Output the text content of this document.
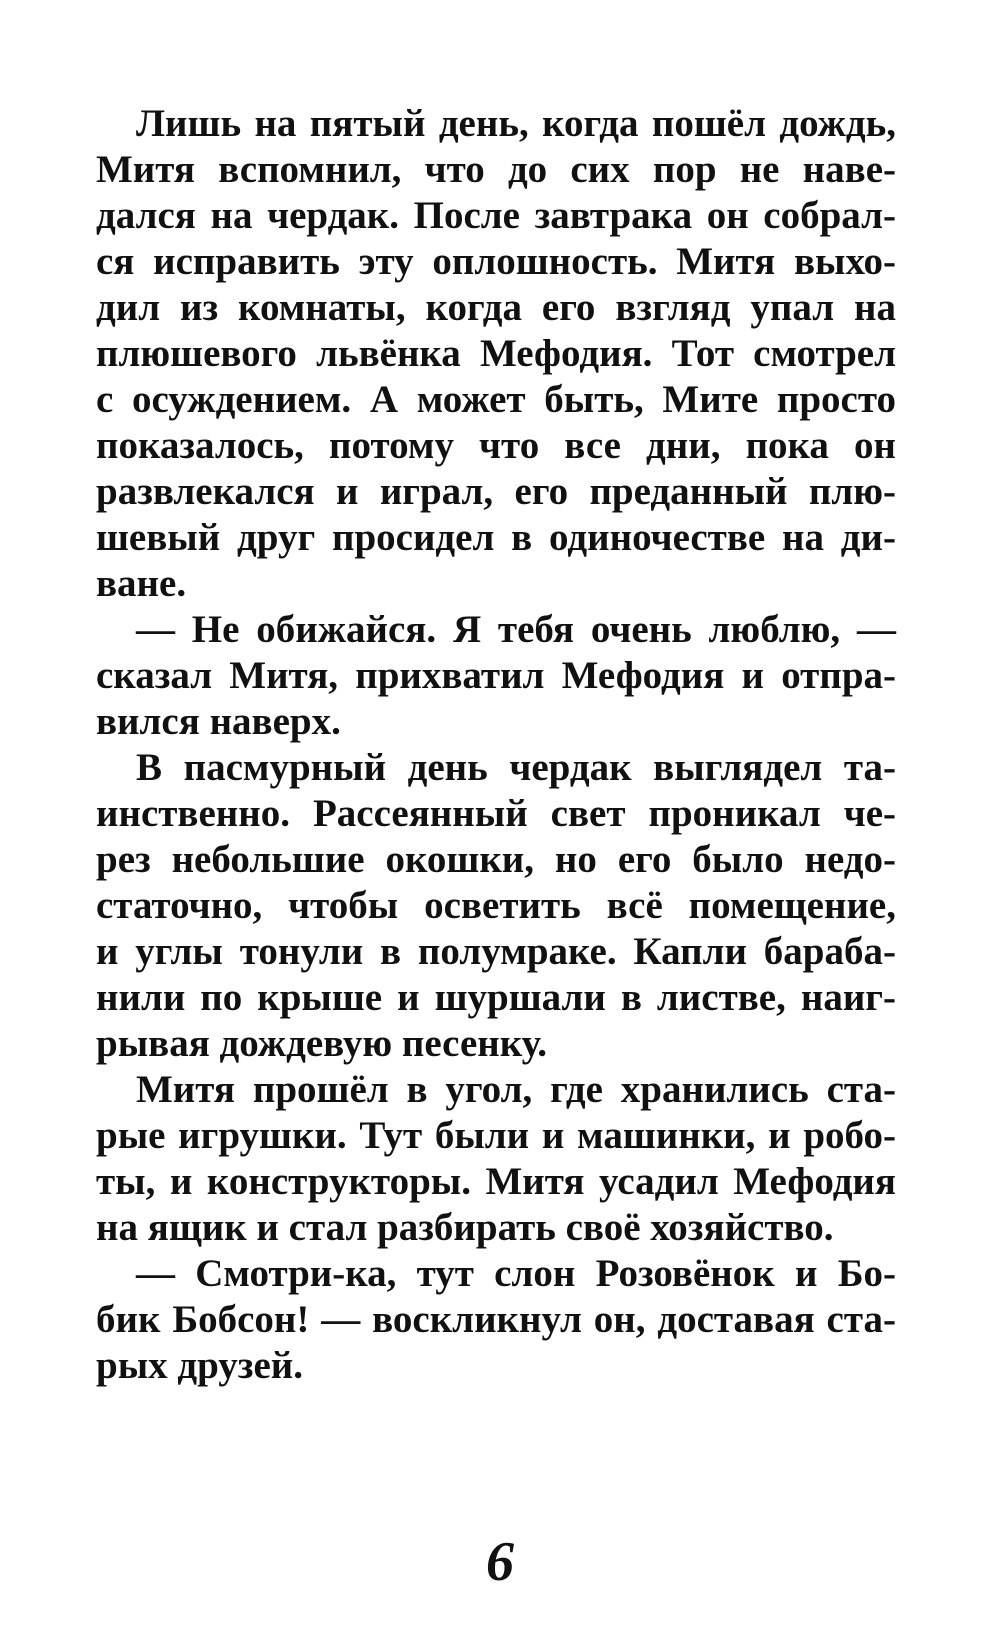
Лишь на пятый день, когда пошёл дождь,
Митя вспомнил, что до сих пор не наве-
дался на чердак. После завтрака он собрал-
ся исправить эту оплошность. Митя выхо-
дил из комнаты, когда его взгляд упал на
плюшевого львёнка Мефодия. Тот смотрел
с осуждением. А может быть, Мите просто
показалось, потому что все дни, пока он
развлекался и играл, его преданный плю-
шевый друг просидел в одиночестве на ди-
ване.
— Не обижайся. Я тебя очень люблю, —
сказал Митя, прихватил Мефодия и отпра-
вился наверх.
В пасмурный день чердак выглядел та-
инственно. Рассеянный свет проникал че-
рез небольшие окошки, но его было недо-
статочно, чтобы осветить всё помещение,
и углы тонули в полумраке. Капли бараба-
нили по крыше и шуршали в листве, наиг-
рывая дождевую песенку.
Митя прошёл в угол, где хранились ста-
рые игрушки. Тут были и машинки, и робо-
ты, и конструкторы. Митя усадил Мефодия
на ящик и стал разбирать своё хозяйство.
— Смотри-ка, тут слон Розовёнок и Бо-
бик Бобсон! — воскликнул он, доставая ста-
рых друзей.
6
